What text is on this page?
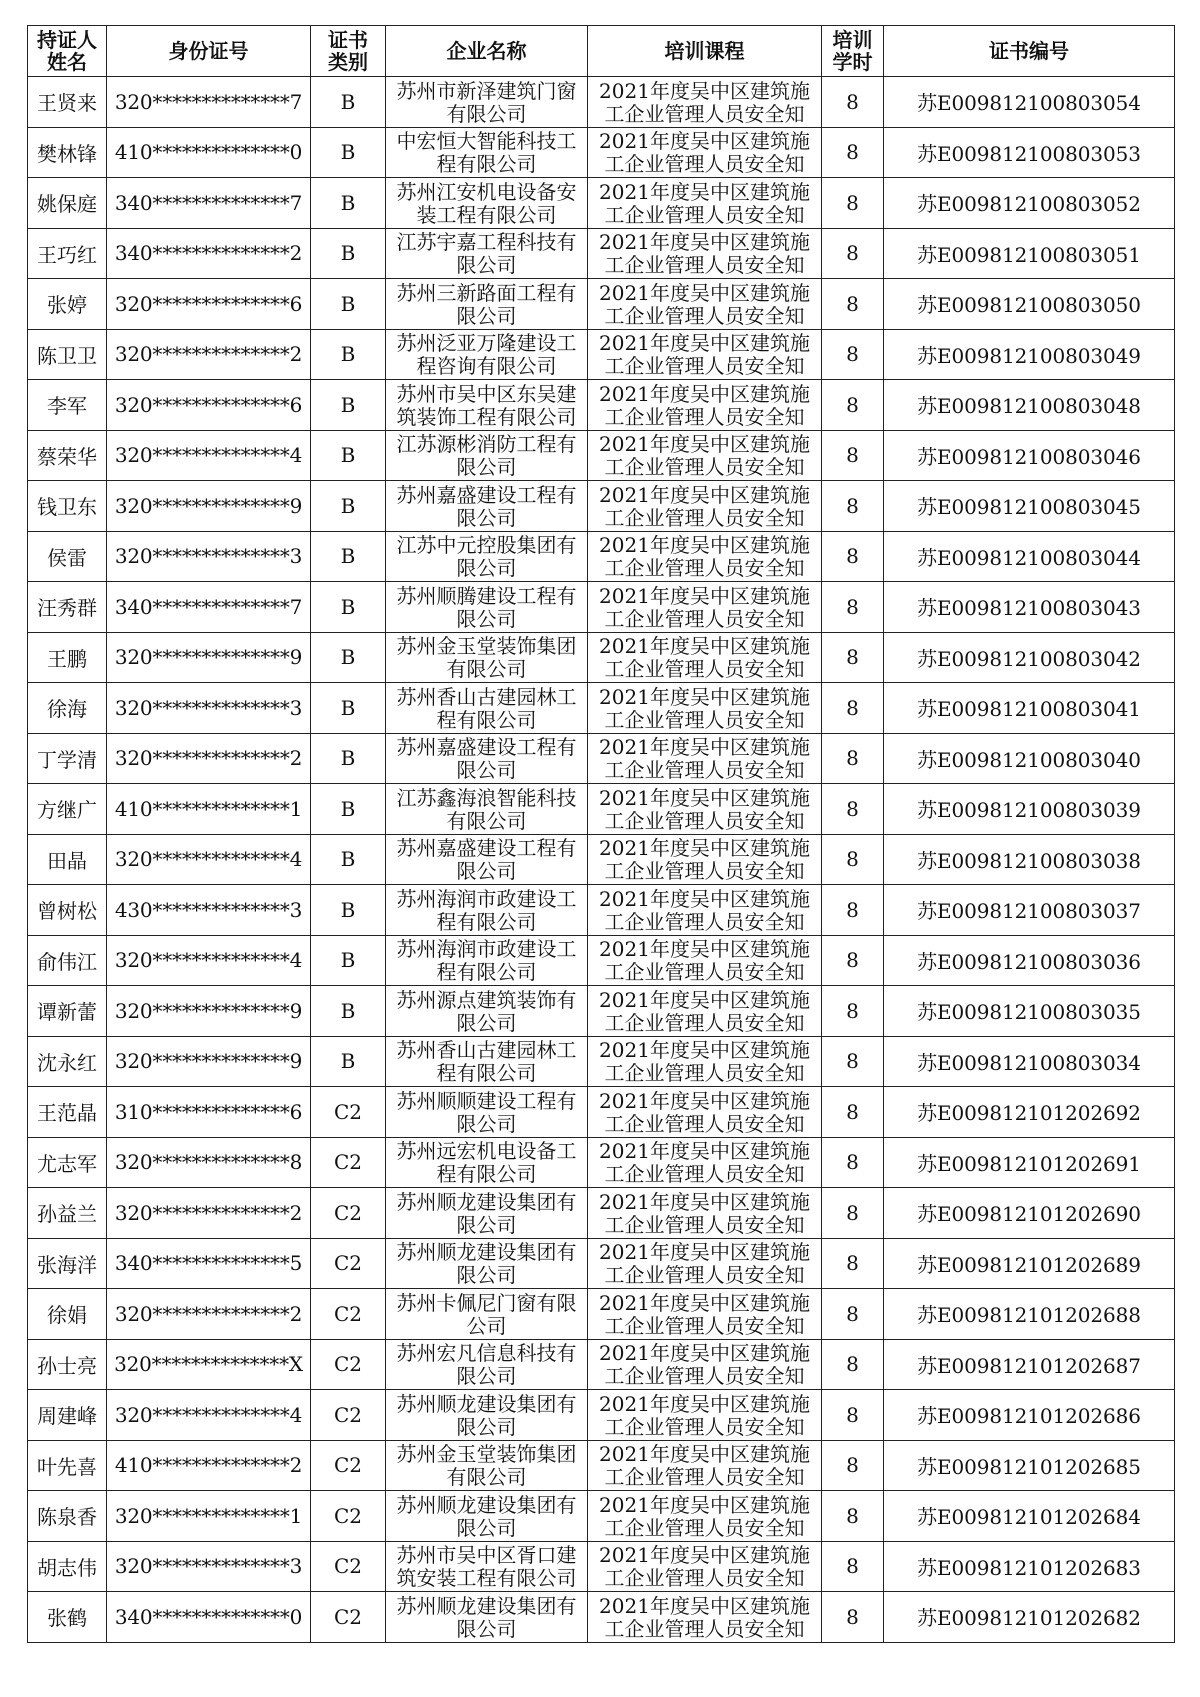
持证人姓名	身份证号	证书类别	企业名称	培训课程	培训学时	证书编号
王贤来	320**************7	B	苏州市新泽建筑门窗有限公司	2021年度吴中区建筑施工企业管理人员安全知	8	苏E009812100803054
樊林锋	410**************0	B	中宏恒大智能科技工程有限公司	2021年度吴中区建筑施工企业管理人员安全知	8	苏E009812100803053
姚保庭	340**************7	B	苏州江安机电设备安装工程有限公司	2021年度吴中区建筑施工企业管理人员安全知	8	苏E009812100803052
王巧红	340**************2	B	江苏宇嘉工程科技有限公司	2021年度吴中区建筑施工企业管理人员安全知	8	苏E009812100803051
张婷	320**************6	B	苏州三新路面工程有限公司	2021年度吴中区建筑施工企业管理人员安全知	8	苏E009812100803050
陈卫卫	320**************2	B	苏州泛亚万隆建设工程咨询有限公司	2021年度吴中区建筑施工企业管理人员安全知	8	苏E009812100803049
李军	320**************6	B	苏州市吴中区东吴建筑装饰工程有限公司	2021年度吴中区建筑施工企业管理人员安全知	8	苏E009812100803048
蔡荣华	320**************4	B	江苏源彬消防工程有限公司	2021年度吴中区建筑施工企业管理人员安全知	8	苏E009812100803046
钱卫东	320**************9	B	苏州嘉盛建设工程有限公司	2021年度吴中区建筑施工企业管理人员安全知	8	苏E009812100803045
侯雷	320**************3	B	江苏中元控股集团有限公司	2021年度吴中区建筑施工企业管理人员安全知	8	苏E009812100803044
汪秀群	340**************7	B	苏州顺腾建设工程有限公司	2021年度吴中区建筑施工企业管理人员安全知	8	苏E009812100803043
王鹏	320**************9	B	苏州金玉堂装饰集团有限公司	2021年度吴中区建筑施工企业管理人员安全知	8	苏E009812100803042
徐海	320**************3	B	苏州香山古建园林工程有限公司	2021年度吴中区建筑施工企业管理人员安全知	8	苏E009812100803041
丁学清	320**************2	B	苏州嘉盛建设工程有限公司	2021年度吴中区建筑施工企业管理人员安全知	8	苏E009812100803040
方继广	410**************1	B	江苏鑫海浪智能科技有限公司	2021年度吴中区建筑施工企业管理人员安全知	8	苏E009812100803039
田晶	320**************4	B	苏州嘉盛建设工程有限公司	2021年度吴中区建筑施工企业管理人员安全知	8	苏E009812100803038
曾树松	430**************3	B	苏州海润市政建设工程有限公司	2021年度吴中区建筑施工企业管理人员安全知	8	苏E009812100803037
俞伟江	320**************4	B	苏州海润市政建设工程有限公司	2021年度吴中区建筑施工企业管理人员安全知	8	苏E009812100803036
谭新蕾	320**************9	B	苏州源点建筑装饰有限公司	2021年度吴中区建筑施工企业管理人员安全知	8	苏E009812100803035
沈永红	320**************9	B	苏州香山古建园林工程有限公司	2021年度吴中区建筑施工企业管理人员安全知	8	苏E009812100803034
王范晶	310**************6	C2	苏州顺顺建设工程有限公司	2021年度吴中区建筑施工企业管理人员安全知	8	苏E009812101202692
尤志军	320**************8	C2	苏州远宏机电设备工程有限公司	2021年度吴中区建筑施工企业管理人员安全知	8	苏E009812101202691
孙益兰	320**************2	C2	苏州顺龙建设集团有限公司	2021年度吴中区建筑施工企业管理人员安全知	8	苏E009812101202690
张海洋	340**************5	C2	苏州顺龙建设集团有限公司	2021年度吴中区建筑施工企业管理人员安全知	8	苏E009812101202689
徐娟	320**************2	C2	苏州卡佩尼门窗有限公司	2021年度吴中区建筑施工企业管理人员安全知	8	苏E009812101202688
孙士亮	320**************X	C2	苏州宏凡信息科技有限公司	2021年度吴中区建筑施工企业管理人员安全知	8	苏E009812101202687
周建峰	320**************4	C2	苏州顺龙建设集团有限公司	2021年度吴中区建筑施工企业管理人员安全知	8	苏E009812101202686
叶先喜	410**************2	C2	苏州金玉堂装饰集团有限公司	2021年度吴中区建筑施工企业管理人员安全知	8	苏E009812101202685
陈泉香	320**************1	C2	苏州顺龙建设集团有限公司	2021年度吴中区建筑施工企业管理人员安全知	8	苏E009812101202684
胡志伟	320**************3	C2	苏州市吴中区胥口建筑安装工程有限公司	2021年度吴中区建筑施工企业管理人员安全知	8	苏E009812101202683
张鹤	340**************0	C2	苏州顺龙建设集团有限公司	2021年度吴中区建筑施工企业管理人员安全知	8	苏E009812101202682
